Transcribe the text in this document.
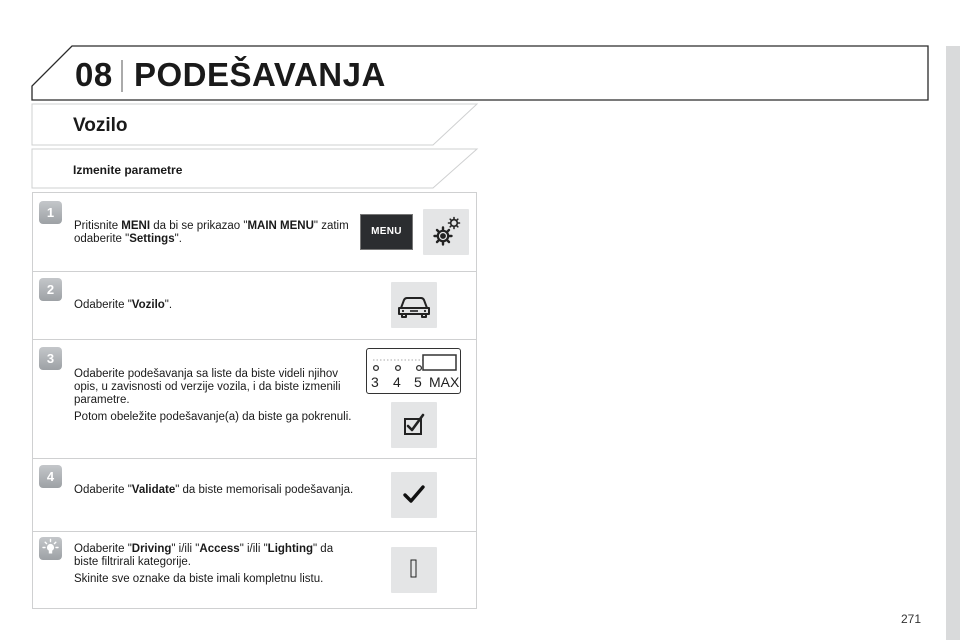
08 PODEŠAVANJA
Vozilo
Izmenite parametre
1

Pritisnite MENI da bi se prikazao "MAIN MENU" zatim odaberite "Settings".

MENU
2

Odaberite "Vozilo".

3

Odaberite podešavanja sa liste da biste videli njihov opis, u zavisnosti od verzije vozila, i da biste izmenili parametre.

Potom obeležite podešavanje(a) da biste ga pokrenuli.

3 4 5 MAX
4

Odaberite "Validate" da biste memorisali podešavanja.

Odaberite "Driving" i/ili "Access" i/ili "Lighting" da biste filtrirali kategorije.

Skinite sve oznake da biste imali kompletnu listu.

271
